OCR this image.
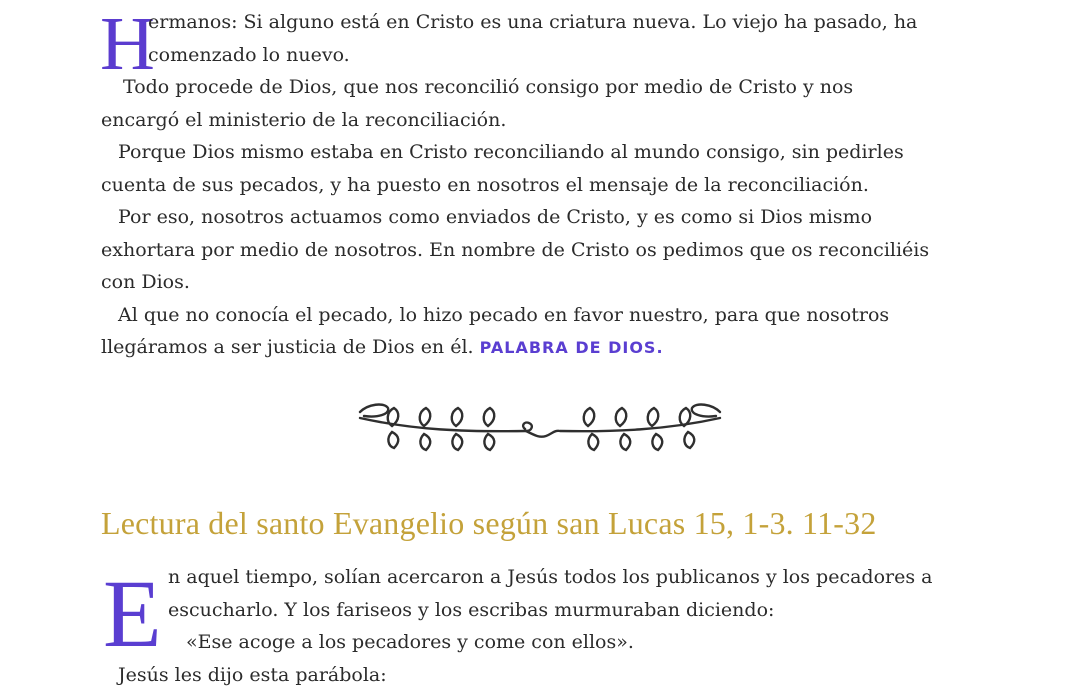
H
ermanos: Si alguno está en Cristo es una criatura nueva. Lo viejo ha pasado, ha
comenzado lo nuevo.
Todo procede de Dios, que nos reconcilió consigo por medio de Cristo y nos
encargó el ministerio de la reconciliación.
Porque Dios mismo estaba en Cristo reconciliando al mundo consigo, sin pedirles
cuenta de sus pecados, y ha puesto en nosotros el mensaje de la reconciliación.
Por eso, nosotros actuamos como enviados de Cristo, y es como si Dios mismo
exhortara por medio de nosotros. En nombre de Cristo os pedimos que os reconciliéis
con Dios.
Al que no conocía el pecado, lo hizo pecado en favor nuestro, para que nosotros
llegáramos a ser justicia de Dios en él. PALABRA DE DIOS.
Lectura del santo Evangelio según san Lucas 15, 1-3. 11-32
E n aquel tiempo, solían acercaron a Jesús todos los publicanos y los pecadores a
escucharlo. Y los fariseos y los escribas murmuraban diciendo:
«Ese acoge a los pecadores y come con ellos».
Jesús les dijo esta parábola:
